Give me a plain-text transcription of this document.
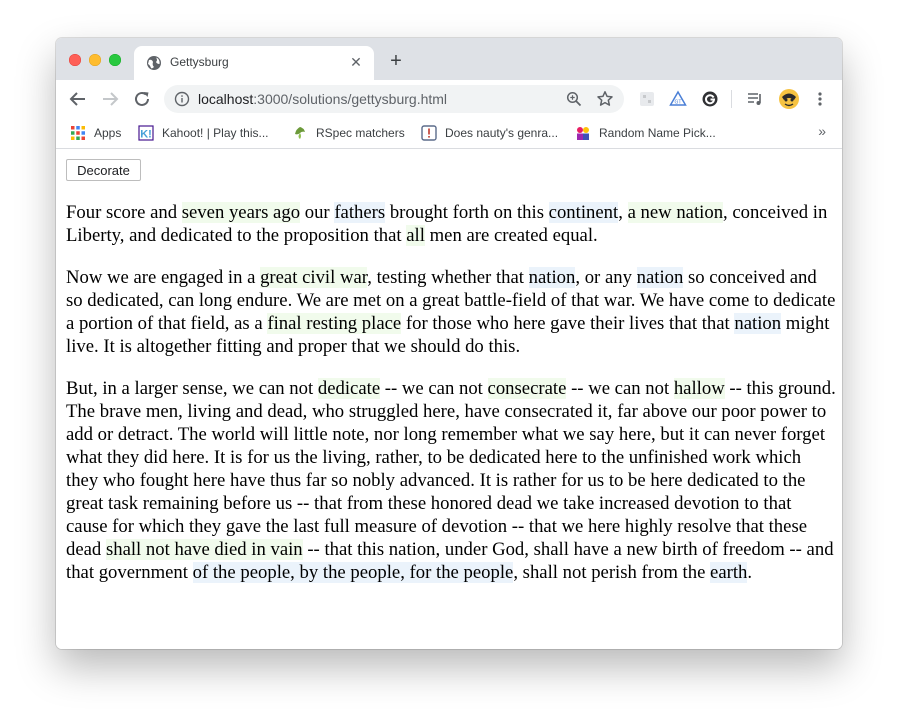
Gettysburg	✕ +
localhost:3000/solutions/gettysburg.html	GT
Apps K! Kahoot! | Play this...	RSpec matchers	Does nauty's genra...	Random Name Pick...	»
Decorate

Four score and seven years ago our fathers brought forth on this continent, a new nation, conceived in Liberty, and dedicated to the proposition that all men are created equal.

Now we are engaged in a great civil war, testing whether that nation, or any nation so conceived and so dedicated, can long endure. We are met on a great battle-field of that war. We have come to dedicate a portion of that field, as a final resting place for those who here gave their lives that that nation might live. It is altogether fitting and proper that we should do this.

But, in a larger sense, we can not dedicate -- we can not consecrate -- we can not hallow -- this ground. The brave men, living and dead, who struggled here, have consecrated it, far above our poor power to add or detract. The world will little note, nor long remember what we say here, but it can never forget what they did here. It is for us the living, rather, to be dedicated here to the unfinished work which they who fought here have thus far so nobly advanced. It is rather for us to be here dedicated to the great task remaining before us -- that from these honored dead we take increased devotion to that cause for which they gave the last full measure of devotion -- that we here highly resolve that these dead shall not have died in vain -- that this nation, under God, shall have a new birth of freedom -- and that government of the people, by the people, for the people, shall not perish from the earth.
